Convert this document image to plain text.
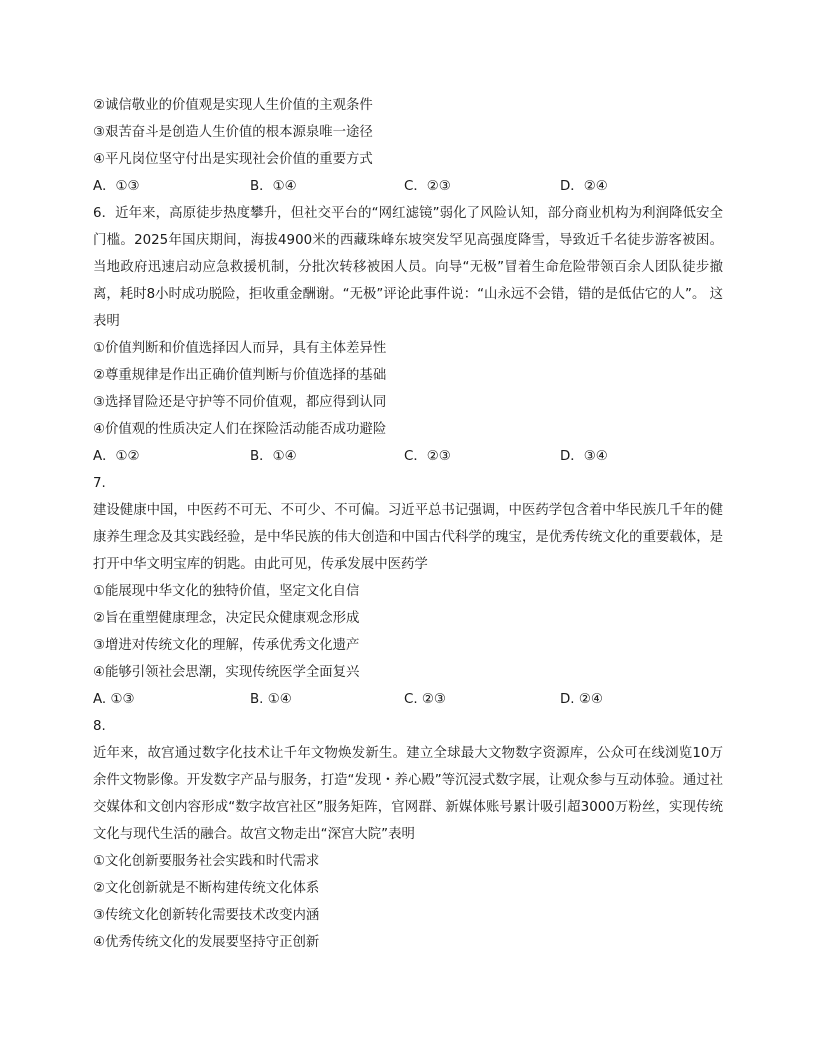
②诚信敬业的价值观是实现人生价值的主观条件
③艰苦奋斗是创造人生价值的根本源泉唯一途径
④平凡岗位坚守付出是实现社会价值的重要方式
A．①③	B．①④	C．②③	D．②④
6．近年来，高原徒步热度攀升，但社交平台的“网红滤镜”弱化了风险认知，部分商业机构为利润降低安全门槛。2025年国庆期间，海拔4900米的西藏珠峰东坡突发罕见高强度降雪，导致近千名徒步游客被困。当地政府迅速启动应急救援机制，分批次转移被困人员。向导“无极”冒着生命危险带领百余人团队徒步撤离，耗时8小时成功脱险，拒收重金酬谢。“无极”评论此事件说：“山永远不会错，错的是低估它的人”。 这表明
①价值判断和价值选择因人而异，具有主体差异性
②尊重规律是作出正确价值判断与价值选择的基础
③选择冒险还是守护等不同价值观，都应得到认同
④价值观的性质决定人们在探险活动能否成功避险
A．①②	B．①④	C．②③	D．③④
7.
建设健康中国，中医药不可无、不可少、不可偏。习近平总书记强调，中医药学包含着中华民族几千年的健康养生理念及其实践经验，是中华民族的伟大创造和中国古代科学的瑰宝，是优秀传统文化的重要载体，是打开中华文明宝库的钥匙。由此可见，传承发展中医药学
①能展现中华文化的独特价值，坚定文化自信
②旨在重塑健康理念，决定民众健康观念形成
③增进对传统文化的理解，传承优秀文化遗产
④能够引领社会思潮，实现传统医学全面复兴
A. ①③	B. ①④	C. ②③	D. ②④
8.
近年来，故宫通过数字化技术让千年文物焕发新生。建立全球最大文物数字资源库，公众可在线浏览10万余件文物影像。开发数字产品与服务，打造“发现・养心殿”等沉浸式数字展，让观众参与互动体验。通过社交媒体和文创内容形成“数字故宫社区”服务矩阵，官网群、新媒体账号累计吸引超3000万粉丝，实现传统文化与现代生活的融合。故宫文物走出“深宫大院”表明
①文化创新要服务社会实践和时代需求
②文化创新就是不断构建传统文化体系
③传统文化创新转化需要技术改变内涵
④优秀传统文化的发展要坚持守正创新
